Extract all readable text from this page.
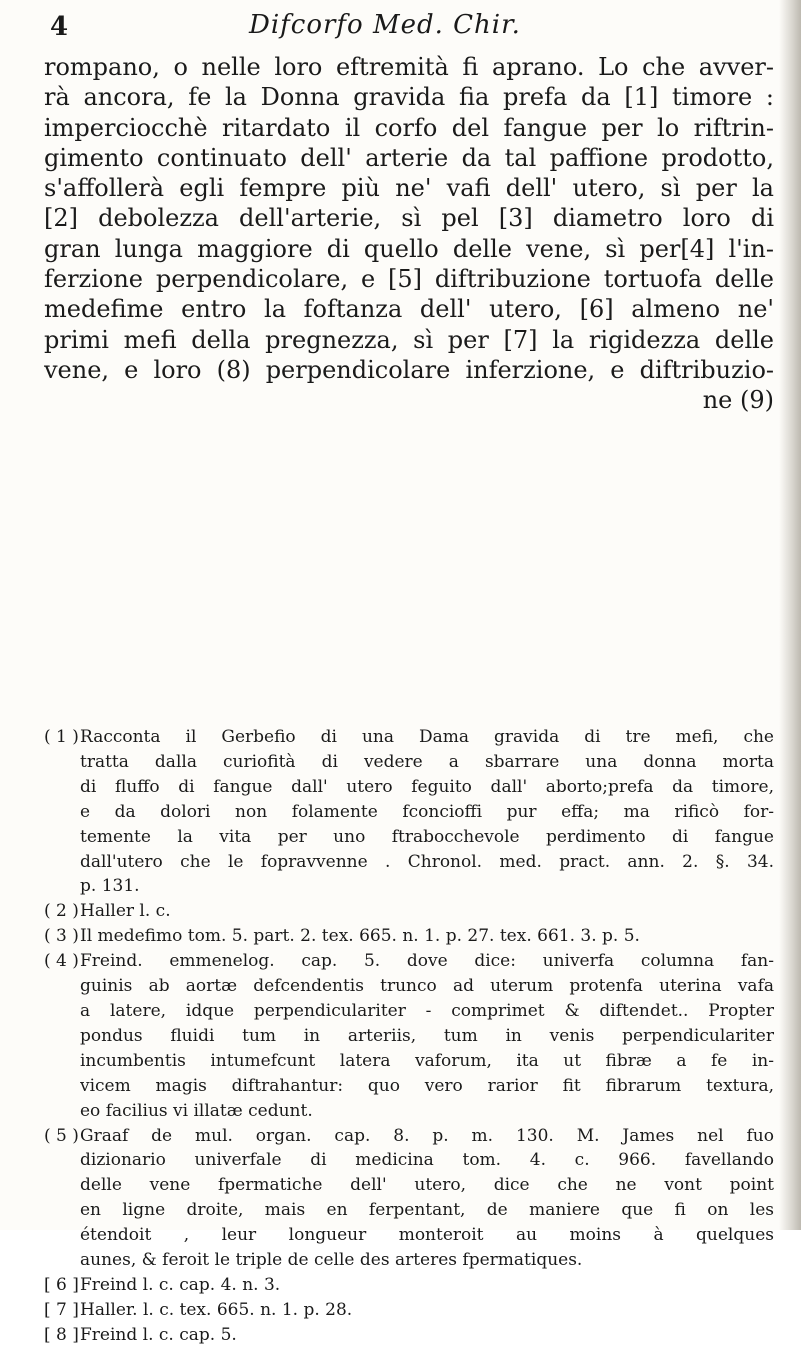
4	Difcorfo Med. Chir.
rompano, o nelle loro eftremità fi aprano. Lo che avver-
rà ancora, fe la Donna gravida fia prefa da [1] timore :
imperciocchè ritardato il corfo del fangue per lo riftrin-
gimento continuato dell' arterie da tal paffione prodotto,
s'affollerà egli fempre più ne' vafi dell' utero, sì per la
[2] debolezza dell'arterie, sì pel [3] diametro loro di
gran lunga maggiore di quello delle vene, sì per[4] l'in-
ferzione perpendicolare, e [5] diftribuzione tortuofa delle
medefime entro la foftanza dell' utero, [6] almeno ne'
primi mefi della pregnezza, sì per [7] la rigidezza delle
vene, e loro (8) perpendicolare inferzione, e diftribuzio-
ne (9)
( 1 ) Racconta il Gerbefio di una Dama gravida di tre mefi, che
tratta dalla curiofità di vedere a sbarrare una donna morta
di fluffo di fangue dall' utero feguito dall' aborto;prefa da timore,
e da dolori non folamente fconcioffi pur effa; ma rificò for-
temente la vita per uno ftrabocchevole perdimento di fangue
dall'utero che le fopravvenne . Chronol. med. pract. ann. 2. §. 34.
p. 131.
( 2 ) Haller l. c.
( 3 ) Il medefimo tom. 5. part. 2. tex. 665. n. 1. p. 27. tex. 661. 3. p. 5.
( 4 ) Freind. emmenelog. cap. 5. dove dice: univerfa columna fan-
guinis ab aortæ defcendentis trunco ad uterum protenfa uterina vafa
a latere, idque perpendiculariter - comprimet & diftendet.. Propter
pondus fluidi tum in arteriis, tum in venis perpendiculariter
incumbentis intumefcunt latera vaforum, ita ut fibræ a fe in-
vicem magis diftrahantur: quo vero rarior fit fibrarum textura,
eo facilius vi illatæ cedunt.
( 5 ) Graaf de mul. organ. cap. 8. p. m. 130. M. James nel fuo
dizionario univerfale di medicina tom. 4. c. 966. favellando
delle vene fpermatiche dell' utero, dice che ne vont point
en ligne droite, mais en ferpentant, de maniere que fi on les
étendoit , leur longueur monteroit au moins à quelques
aunes, & feroit le triple de celle des arteres fpermatiques.
[ 6 ] Freind l. c. cap. 4. n. 3.
[ 7 ] Haller. l. c. tex. 665. n. 1. p. 28.
[ 8 ] Freind l. c. cap. 5.
